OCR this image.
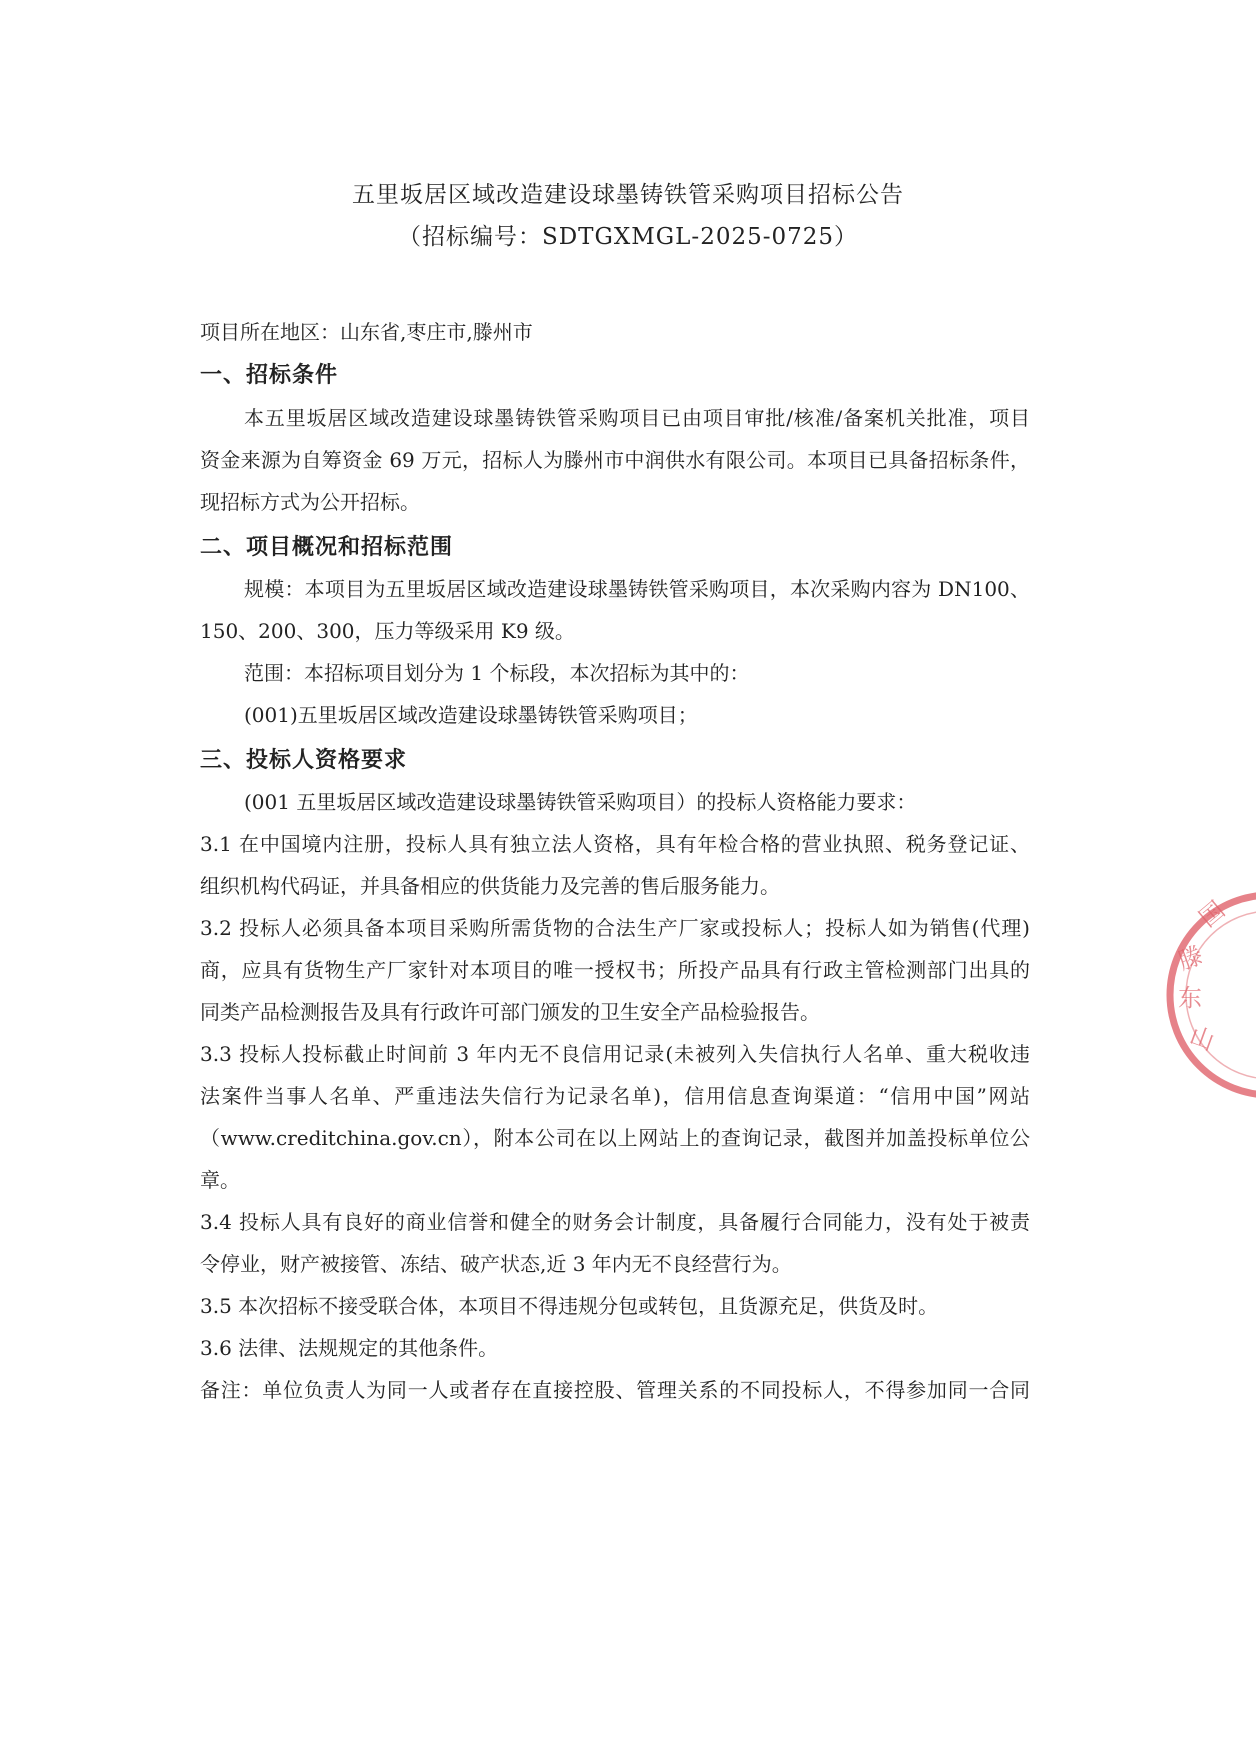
五里坂居区域改造建设球墨铸铁管采购项目招标公告
（招标编号：SDTGXMGL-2025-0725）
项目所在地区：山东省,枣庄市,滕州市
一、招标条件
本五里坂居区域改造建设球墨铸铁管采购项目已由项目审批/核准/备案机关批准，项目
资金来源为自筹资金 69 万元，招标人为滕州市中润供水有限公司。本项目已具备招标条件，
现招标方式为公开招标。
二、项目概况和招标范围
规模：本项目为五里坂居区域改造建设球墨铸铁管采购项目，本次采购内容为 DN100、
150、200、300，压力等级采用 K9 级。
范围：本招标项目划分为 1 个标段，本次招标为其中的：
(001)五里坂居区域改造建设球墨铸铁管采购项目；
三、投标人资格要求
(001 五里坂居区域改造建设球墨铸铁管采购项目）的投标人资格能力要求：
3.1 在中国境内注册，投标人具有独立法人资格，具有年检合格的营业执照、税务登记证、
组织机构代码证，并具备相应的供货能力及完善的售后服务能力。
3.2 投标人必须具备本项目采购所需货物的合法生产厂家或投标人；投标人如为销售(代理)
商，应具有货物生产厂家针对本项目的唯一授权书；所投产品具有行政主管检测部门出具的
同类产品检测报告及具有行政许可部门颁发的卫生安全产品检验报告。
3.3 投标人投标截止时间前 3 年内无不良信用记录(未被列入失信执行人名单、重大税收违
法案件当事人名单、严重违法失信行为记录名单)，信用信息查询渠道：“信用中国”网站
（www.creditchina.gov.cn），附本公司在以上网站上的查询记录，截图并加盖投标单位公
章。
3.4 投标人具有良好的商业信誉和健全的财务会计制度，具备履行合同能力，没有处于被责
令停业，财产被接管、冻结、破产状态,近 3 年内无不良经营行为。
3.5 本次招标不接受联合体，本项目不得违规分包或转包，且货源充足，供货及时。
3.6 法律、法规规定的其他条件。
备注：单位负责人为同一人或者存在直接控股、管理关系的不同投标人，不得参加同一合同
滕
东
山
国
